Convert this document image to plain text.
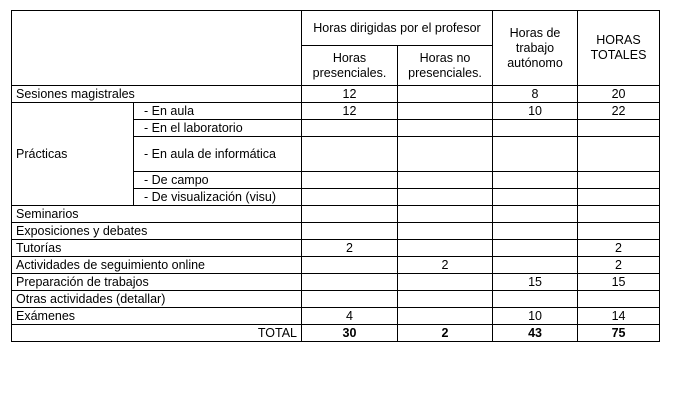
		Horas dirigidas por el profesor		Horas de trabajo autónomo	HORAS TOTALES
		Horas presenciales.	Horas no presenciales.		
Sesiones magistrales		12		8	20
Prácticas	- En aula	12		10	22
	- En el laboratorio				
	- En aula de informática				
	- De campo				
	- De visualización (visu)				
Seminarios					
Exposiciones y debates					
Tutorías		2			2
Actividades de seguimiento online			2		2
Preparación de trabajos				15	15
Otras actividades (detallar)					
Exámenes		4		10	14
TOTAL		30	2	43	75
